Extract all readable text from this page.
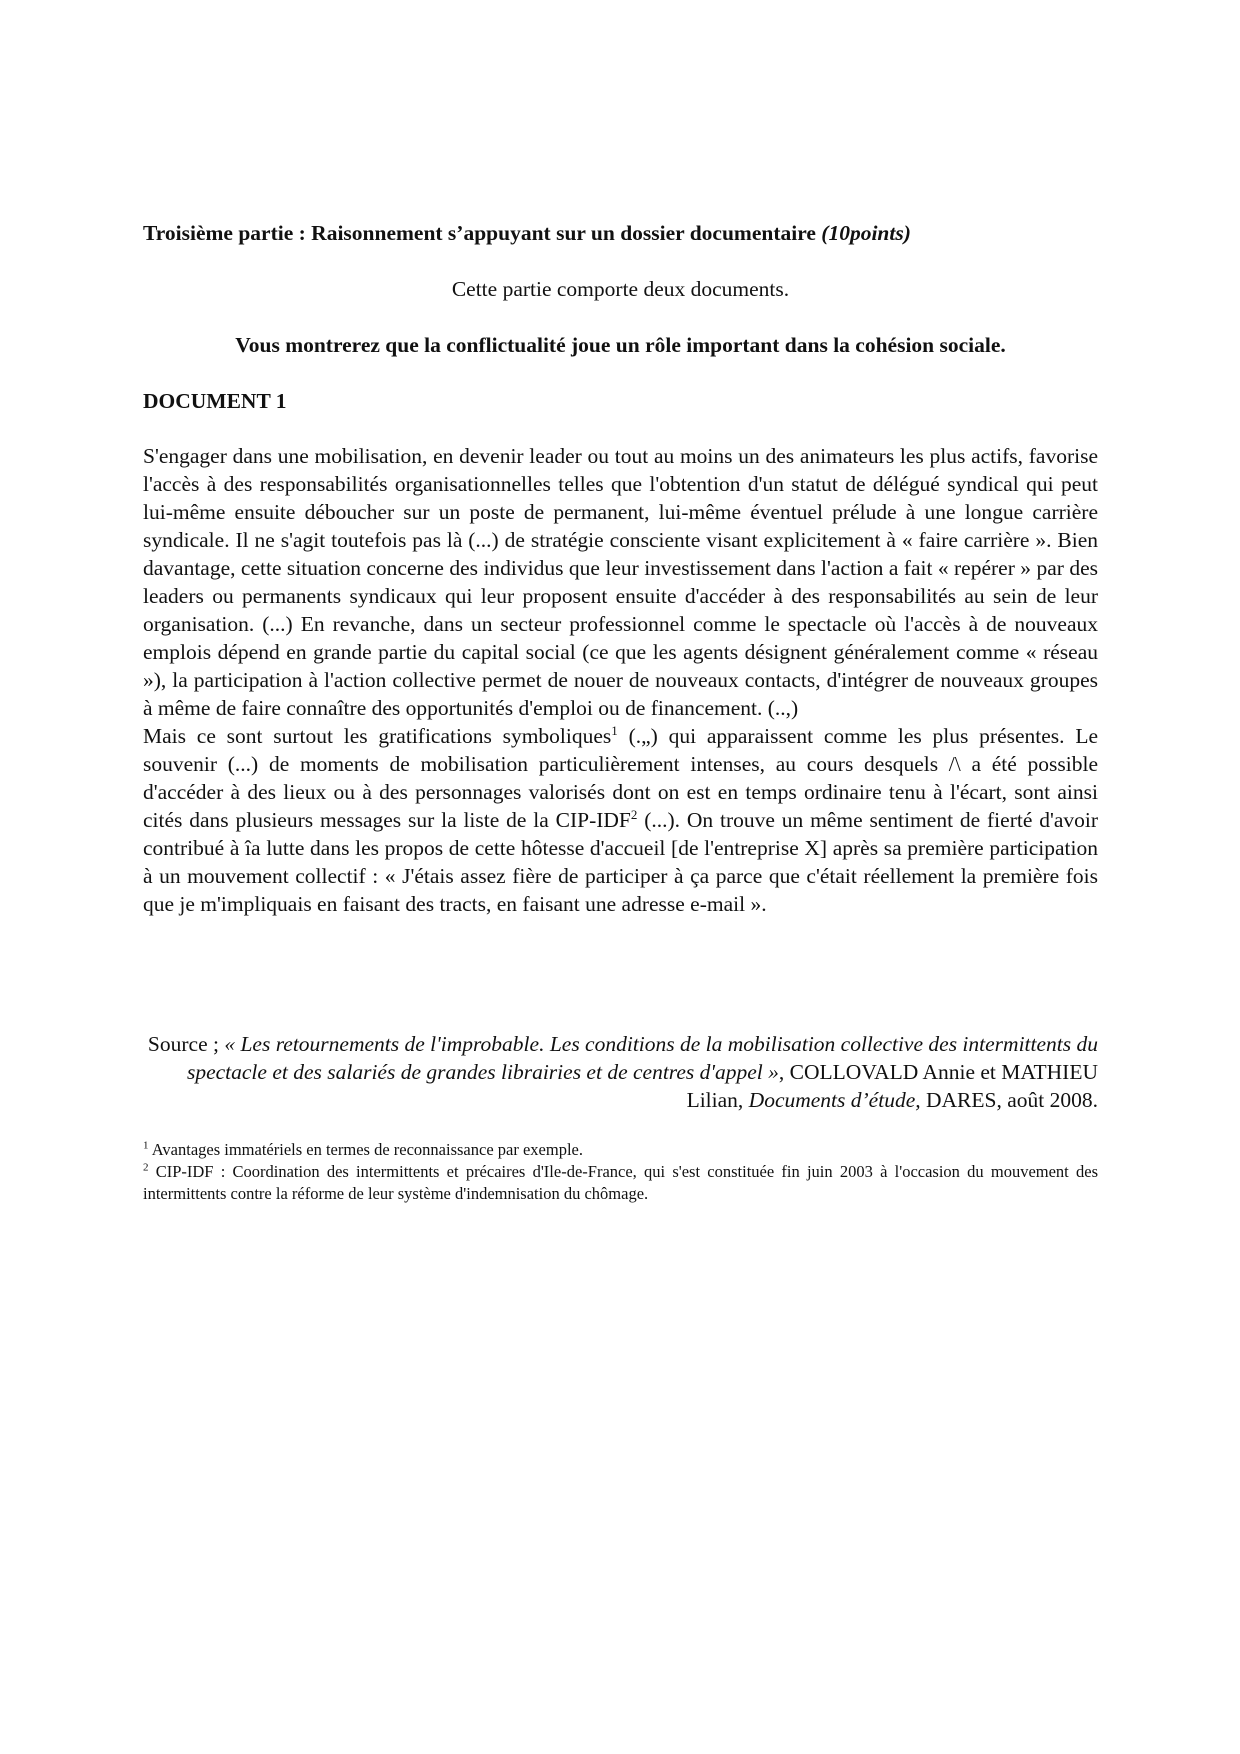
Troisième partie : Raisonnement s’appuyant sur un dossier documentaire (10points)
Cette partie comporte deux documents.
Vous montrerez que la conflictualité joue un rôle important dans la cohésion sociale.
DOCUMENT 1

S'engager dans une mobilisation, en devenir leader ou tout au moins un des animateurs les plus actifs, favorise l'accès à des responsabilités organisationnelles telles que l'obtention d'un statut de délégué syndical qui peut lui-même ensuite déboucher sur un poste de permanent, lui-même éventuel prélude à une longue carrière syndicale. Il ne s'agit toutefois pas là (...) de stratégie consciente visant explicitement à « faire carrière ». Bien davantage, cette situation concerne des individus que leur investissement dans l'action a fait « repérer » par des leaders ou permanents syndicaux qui leur proposent ensuite d'accéder à des responsabilités au sein de leur organisation. (...) En revanche, dans un secteur professionnel comme le spectacle où l'accès à de nouveaux emplois dépend en grande partie du capital social (ce que les agents désignent généralement comme « réseau »), la participation à l'action collective permet de nouer de nouveaux contacts, d'intégrer de nouveaux groupes à même de faire connaître des opportunités d'emploi ou de financement. (..,)

Mais ce sont surtout les gratifications symboliques$^1$ (.„) qui apparaissent comme les plus présentes. Le souvenir (...) de moments de mobilisation particulièrement intenses, au cours desquels /\ a été possible d'accéder à des lieux ou à des personnages valorisés dont on est en temps ordinaire tenu à l'écart, sont ainsi cités dans plusieurs messages sur la liste de la CIP-IDF$^2$ (...). On trouve un même sentiment de fierté d'avoir contribué à îa lutte dans les propos de cette hôtesse d'accueil [de l'entreprise X] après sa première participation à un mouvement collectif : « J'étais assez fière de participer à ça parce que c'était réellement la première fois que je m'impliquais en faisant des tracts, en faisant une adresse e-mail ».

Source ; « Les retournements de l'improbable. Les conditions de la mobilisation collective des intermittents du spectacle et des salariés de grandes librairies et de centres d'appel », COLLOVALD Annie et MATHIEU Lilian, Documents d’étude, DARES, août 2008.

$^1$ Avantages immatériels en termes de reconnaissance par exemple.

$^2$ CIP-IDF : Coordination des intermittents et précaires d'Ile-de-France, qui s'est constituée fin juin 2003 à l'occasion du mouvement des intermittents contre la réforme de leur système d'indemnisation du chômage.
